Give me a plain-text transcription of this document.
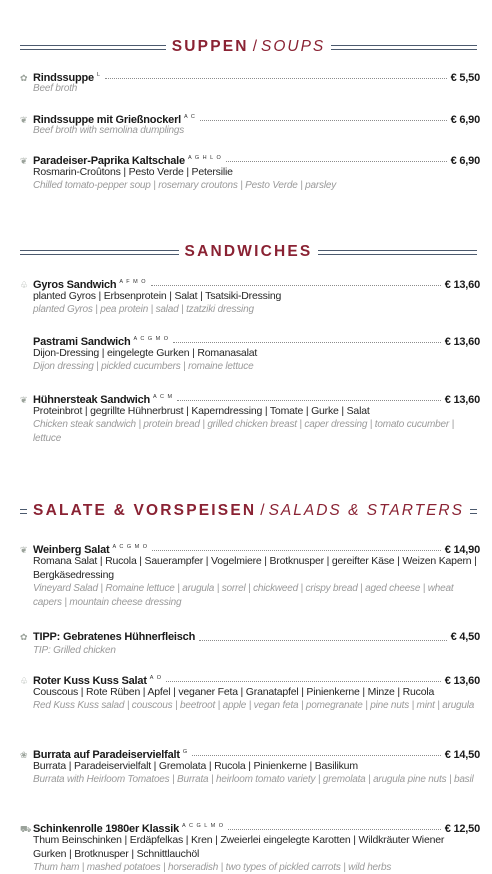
SUPPEN / SOUPS
✿ Rindssuppe $^L$	€ 5,50
Beef broth
❦ Rindssuppe mit Grießnockerl $^{A C}$	€ 6,90
Beef broth with semolina dumplings
❦ Paradeiser-Paprika Kaltschale $^{A G H L O}$	€ 6,90
Rosmarin-Croûtons | Pesto Verde | Petersilie
Chilled tomato-pepper soup | rosemary croutons | Pesto Verde | parsley
SANDWICHES
♧ Gyros Sandwich $^{A F M O}$	€ 13,60
planted Gyros | Erbsenprotein | Salat | Tsatsiki-Dressing
planted Gyros | pea protein | salad | tzatziki dressing
Pastrami Sandwich $^{A C G M O}$	€ 13,60
Dijon-Dressing | eingelegte Gurken | Romanasalat
Dijon dressing | pickled cucumbers | romaine lettuce
❦ Hühnersteak Sandwich $^{A C M}$	€ 13,60
Proteinbrot | gegrillte Hühnerbrust | Kaperndressing | Tomate | Gurke | Salat
Chicken steak sandwich | protein bread | grilled chicken breast | caper dressing | tomato cucumber | lettuce
SALATE & VORSPEISEN / SALADS & STARTERS
❦ Weinberg Salat $^{A C G M O}$	€ 14,90
Romana Salat | Rucola | Sauerampfer | Vogelmiere | Brotknusper | gereifter Käse | Weizen Kapern | Bergkäsedressing
Vineyard Salad | Romaine lettuce | arugula | sorrel | chickweed | crispy bread | aged cheese | wheat capers | mountain cheese dressing
✿ TIPP: Gebratenes Hühnerfleisch	€ 4,50
TIP: Grilled chicken
♧ Roter Kuss Kuss Salat $^{A O}$	€ 13,60
Couscous | Rote Rüben | Apfel | veganer Feta | Granatapfel | Pinienkerne | Minze | Rucola
Red Kuss Kuss salad | couscous | beetroot | apple | vegan feta | pomegranate | pine nuts | mint | arugula
❀ Burrata auf Paradeiservielfalt $^G$	€ 14,50
Burrata | Paradeiservielfalt | Gremolata | Rucola | Pinienkerne | Basilikum
Burrata with Heirloom Tomatoes | Burrata | heirloom tomato variety | gremolata | arugula pine nuts | basil
⛟ Schinkenrolle 1980er Klassik $^{A C G L M O}$	€ 12,50
Thum Beinschinken | Erdäpfelkas | Kren | Zweierlei eingelegte Karotten | Wildkräuter Wiener Gurken | Brotknusper | Schnittlauchöl
Thum ham | mashed potatoes | horseradish | two types of pickled carrots | wild herbs
